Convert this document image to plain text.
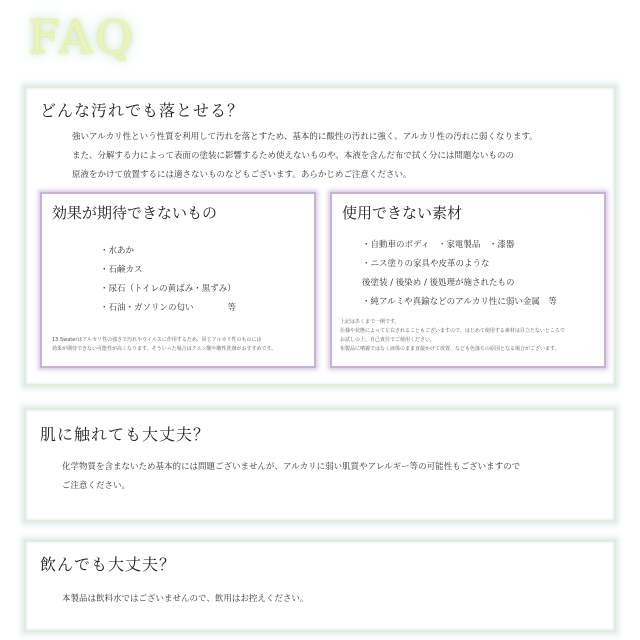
FAQ
どんな汚れでも落とせる？
強いアルカリ性という性質を利用して汚れを落とすため、基本的に酸性の汚れに強く、アルカリ性の汚れに弱くなります。
また、分解する力によって表面の塗装に影響するため使えないものや、本液を含んだ布で拭く分には問題ないものの
原液をかけて放置するには適さないものなどもございます。あらかじめご注意ください。
効果が期待できないもの
・水あか
・石鹸カス
・尿石（トイレの黄ばみ・黒ずみ）
・石油・ガソリンの匂い　　　　等
13.5waterはアルカリ性の強さで汚れやウイルスに作用するため、同じアルカリ性のものには
効果が期待できない可能性が高くなります。そういった場合はクエン酸や酸性洗剤がおすすめです。
使用できない素材
・自動車のボディ　・家電製品　・漆器
・ニス塗りの家具や皮革のような
後塗装 / 後染め / 後処理が施されたもの
・純アルミや真鍮などのアルカリ性に弱い金属　等
上記はあくまで一例です。
仕様や状態によって左右されることもございますので、はじめて使用する素材は目立たないところで
お試しの上、自己責任でご使用ください。
布製品に噴霧ではなく液体のまま直接かけて放置、なども色落ちの原因となる場合がございます。
肌に触れても大丈夫？
化学物質を含まないため基本的には問題ございませんが、アルカリに弱い肌質やアレルギー等の可能性もございますので
ご注意ください。
飲んでも大丈夫？
本製品は飲料水ではございませんので、飲用はお控えください。
